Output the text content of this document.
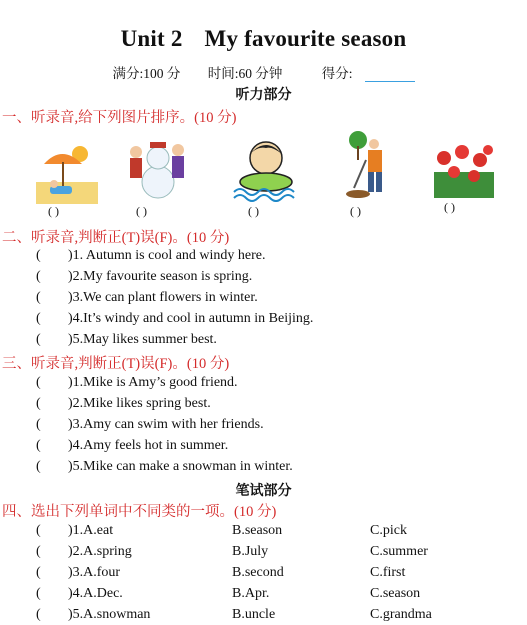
Unit 2 My favourite season
满分:100 分 时间:60 分钟	得分:
听力部分
一、听录音,给下列图片排序。(10 分)
( )	( )	( )	( )	( )
二、听录音,判断正(T)误(F)。(10 分)
( )1. Autumn is cool and windy here.
( )2.My favourite season is spring.
( )3.We can plant flowers in winter.
( )4.It’s windy and cool in autumn in Beijing.
( )5.May likes summer best.
三、听录音,判断正(T)误(F)。(10 分)
( )1.Mike is Amy’s good friend.
( )2.Mike likes spring best.
( )3.Amy can swim with her friends.
( )4.Amy feels hot in summer.
( )5.Mike can make a snowman in winter.
笔试部分
四、选出下列单词中不同类的一项。(10 分)
( )1.A.eat	B.season	C.pick
( )2.A.spring	B.July	C.summer
( )3.A.four	B.second	C.first
( )4.A.Dec.	B.Apr.	C.season
( )5.A.snowman	B.uncle	C.grandma
